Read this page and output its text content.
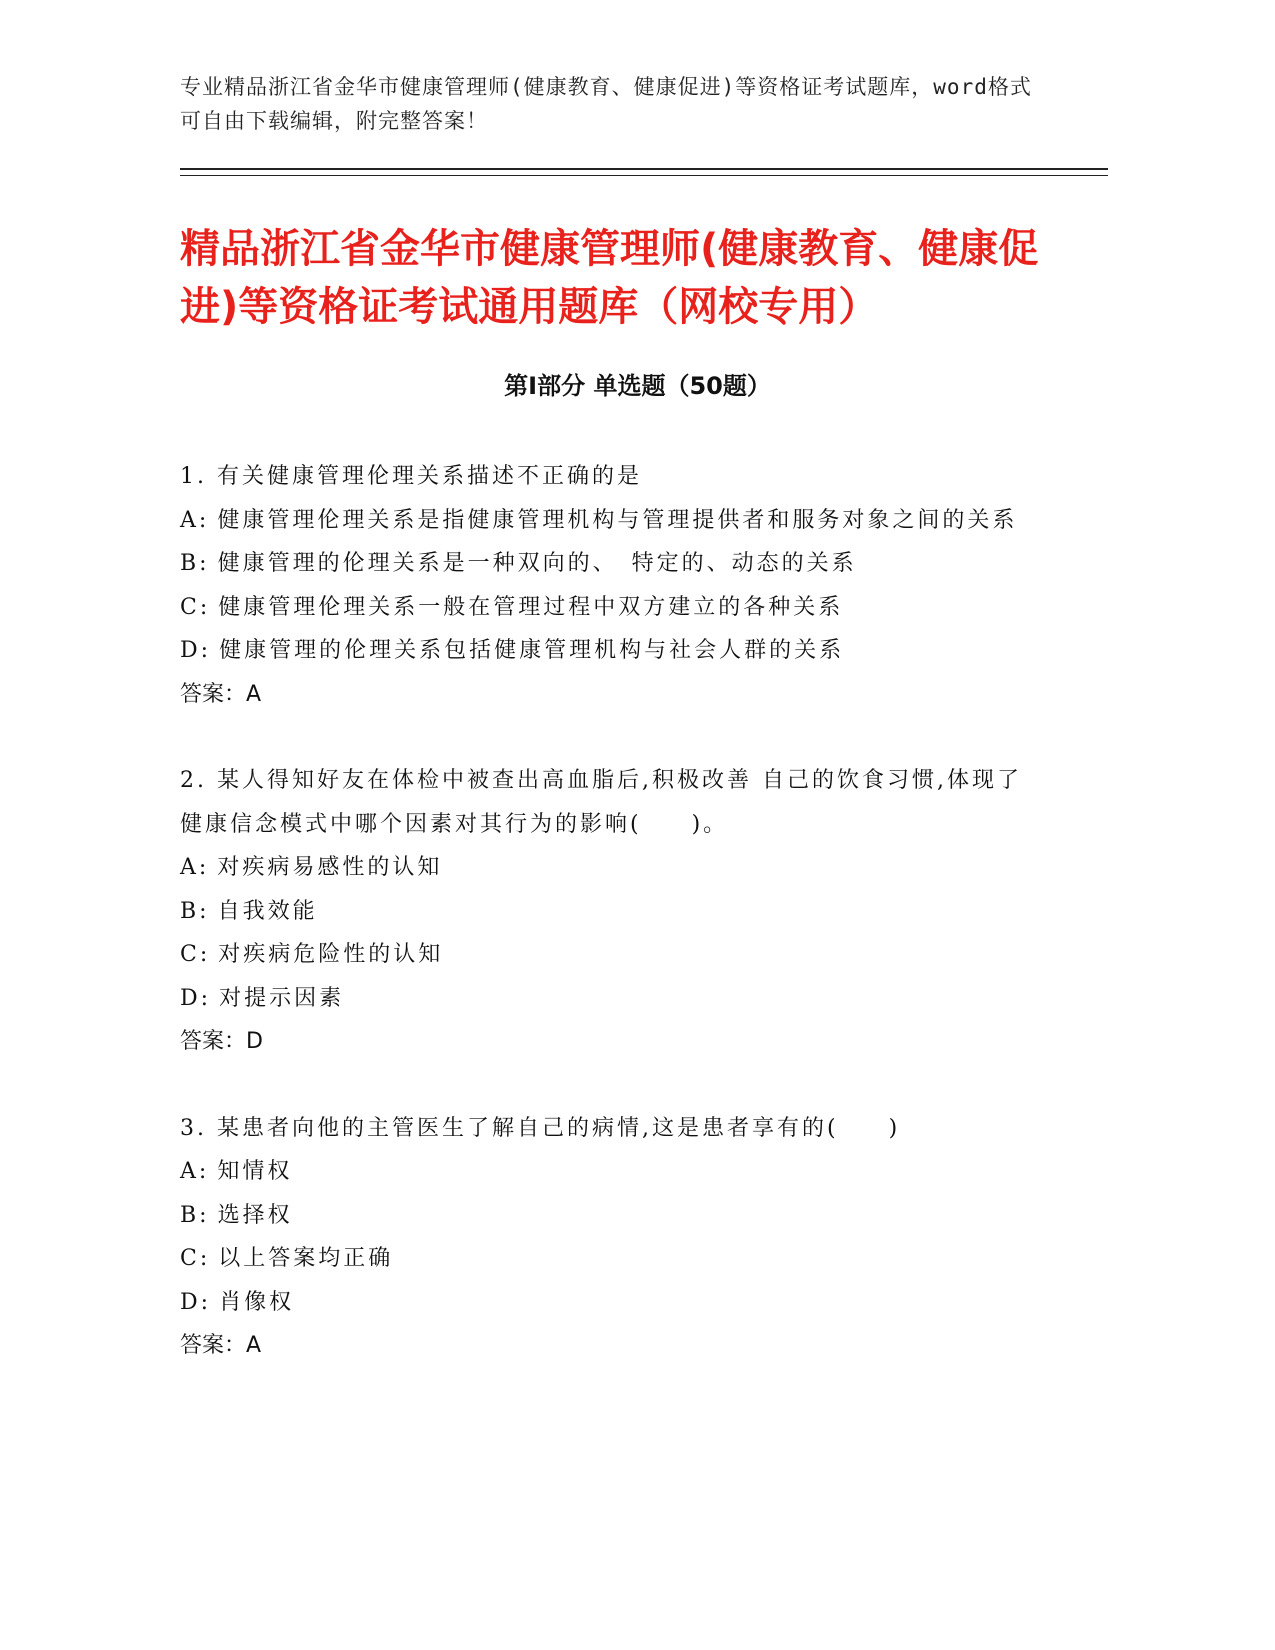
专业精品浙江省金华市健康管理师(健康教育、健康促进)等资格证考试题库，word格式可自由下载编辑，附完整答案！
精品浙江省金华市健康管理师(健康教育、健康促进)等资格证考试通用题库（网校专用）
第Ⅰ部分 单选题（50题）
1. 有关健康管理伦理关系描述不正确的是
A: 健康管理伦理关系是指健康管理机构与管理提供者和服务对象之间的关系
B: 健康管理的伦理关系是一种双向的、　特定的、动态的关系
C: 健康管理伦理关系一般在管理过程中双方建立的各种关系
D: 健康管理的伦理关系包括健康管理机构与社会人群的关系
答案：A
2. 某人得知好友在体检中被查出高血脂后,积极改善 自己的饮食习惯,体现了健康信念模式中哪个因素对其行为的影响(　　)。
A: 对疾病易感性的认知
B: 自我效能
C: 对疾病危险性的认知
D: 对提示因素
答案：D
3. 某患者向他的主管医生了解自己的病情,这是患者享有的(　　)
A: 知情权
B: 选择权
C: 以上答案均正确
D: 肖像权
答案：A
